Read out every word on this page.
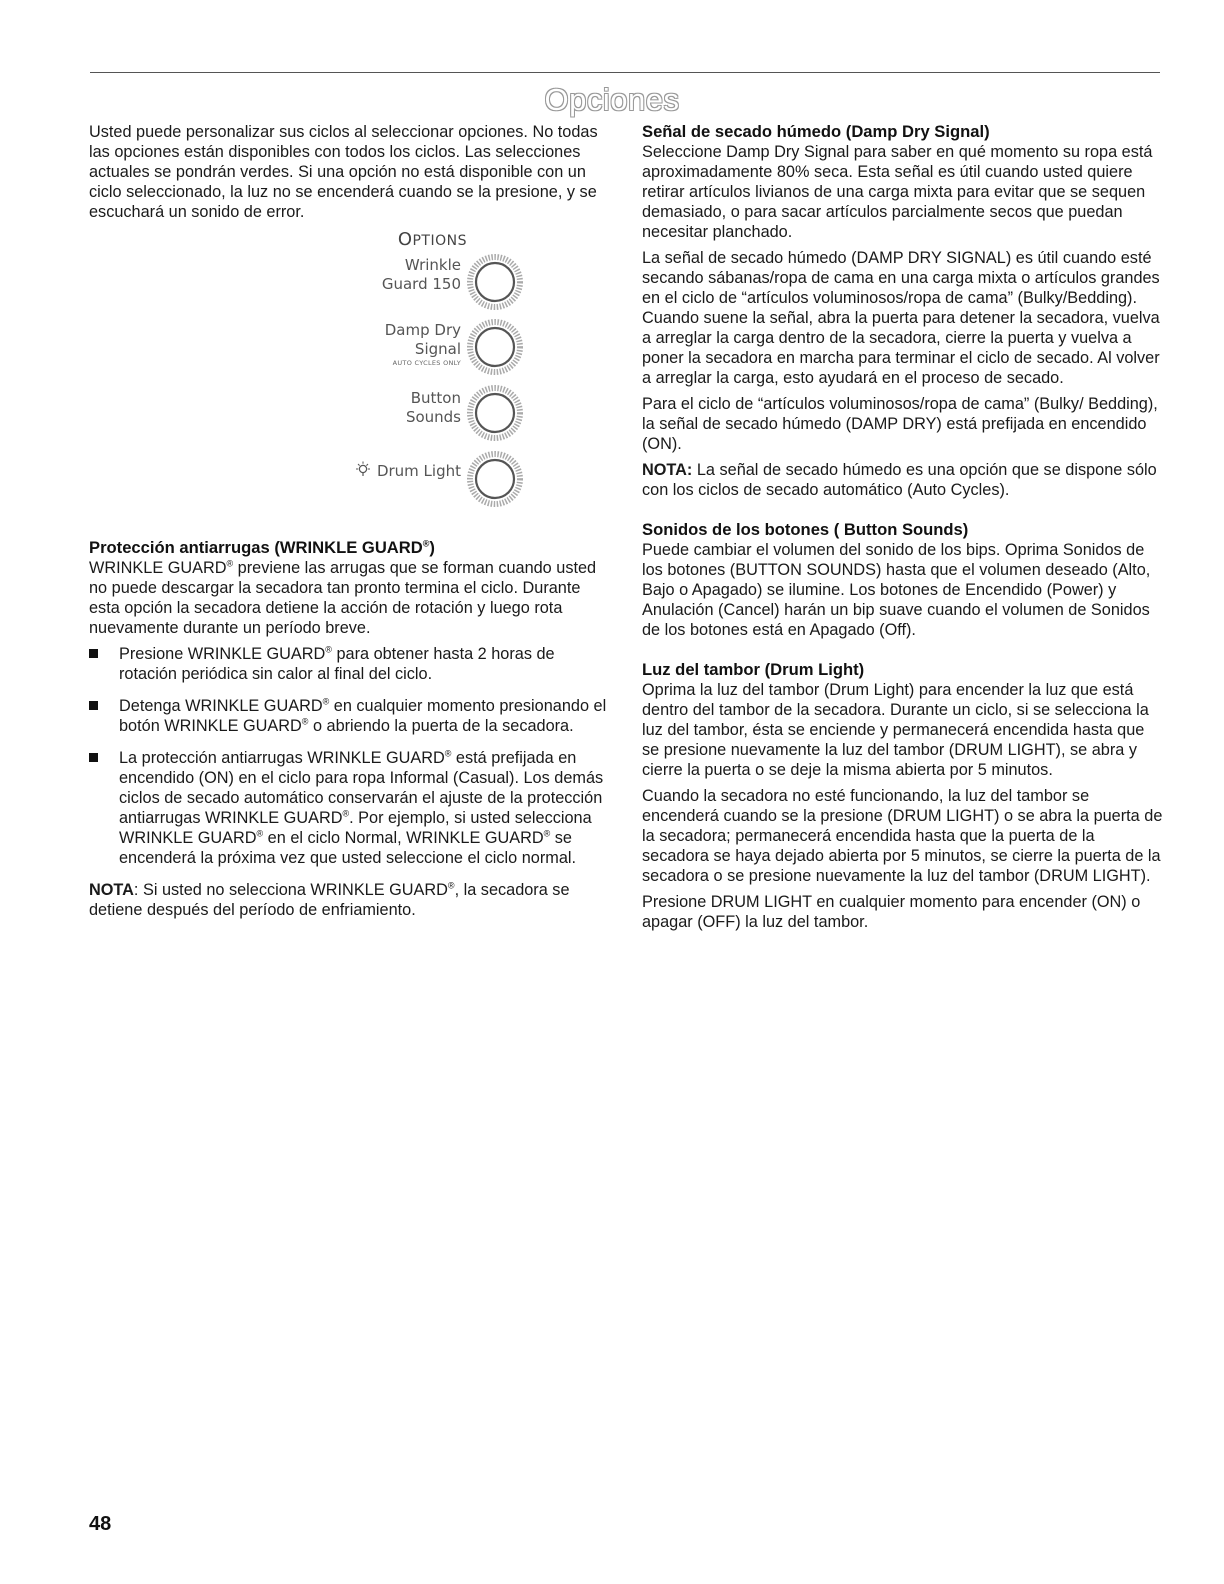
Opciones

Usted puede personalizar sus ciclos al seleccionar opciones. No todas las opciones están disponibles con todos los ciclos. Las selecciones actuales se pondrán verdes. Si una opción no está disponible con un ciclo seleccionado, la luz no se encenderá cuando se la presione, y se escuchará un sonido de error.

OPTIONS
Wrinkle
Guard 150
Damp Dry
Signal
AUTO CYCLES ONLY
Button
Sounds
Drum Light
Protección antiarrugas (WRINKLE GUARD®)

WRINKLE GUARD® previene las arrugas que se forman cuando usted no puede descargar la secadora tan pronto termina el ciclo. Durante esta opción la secadora detiene la acción de rotación y luego rota nuevamente durante un período breve.

Presione WRINKLE GUARD® para obtener hasta 2 horas de rotación periódica sin calor al final del ciclo.
Detenga WRINKLE GUARD® en cualquier momento presionando el botón WRINKLE GUARD® o abriendo la puerta de la secadora.
La protección antiarrugas WRINKLE GUARD® está prefijada en encendido (ON) en el ciclo para ropa Informal (Casual). Los demás ciclos de secado automático conservarán el ajuste de la protección antiarrugas WRINKLE GUARD®. Por ejemplo, si usted selecciona WRINKLE GUARD® en el ciclo Normal, WRINKLE GUARD® se encenderá la próxima vez que usted seleccione el ciclo normal.

NOTA: Si usted no selecciona WRINKLE GUARD®, la secadora se detiene después del período de enfriamiento.

Señal de secado húmedo (Damp Dry Signal)

Seleccione Damp Dry Signal para saber en qué momento su ropa está aproximadamente 80% seca. Esta señal es útil cuando usted quiere retirar artículos livianos de una carga mixta para evitar que se sequen demasiado, o para sacar artículos parcialmente secos que puedan necesitar planchado.

La señal de secado húmedo (DAMP DRY SIGNAL) es útil cuando esté secando sábanas/ropa de cama en una carga mixta o artículos grandes en el ciclo de “artículos voluminosos/ropa de cama” (Bulky/Bedding). Cuando suene la señal, abra la puerta para detener la secadora, vuelva a arreglar la carga dentro de la secadora, cierre la puerta y vuelva a poner la secadora en marcha para terminar el ciclo de secado. Al volver a arreglar la carga, esto ayudará en el proceso de secado.

Para el ciclo de “artículos voluminosos/ropa de cama” (Bulky/ Bedding), la señal de secado húmedo (DAMP DRY) está prefijada en encendido (ON).

NOTA: La señal de secado húmedo es una opción que se dispone sólo con los ciclos de secado automático (Auto Cycles).

Sonidos de los botones ( Button Sounds)

Puede cambiar el volumen del sonido de los bips. Oprima Sonidos de los botones (BUTTON SOUNDS) hasta que el volumen deseado (Alto, Bajo o Apagado) se ilumine. Los botones de Encendido (Power) y Anulación (Cancel) harán un bip suave cuando el volumen de Sonidos de los botones está en Apagado (Off).

Luz del tambor (Drum Light)

Oprima la luz del tambor (Drum Light) para encender la luz que está dentro del tambor de la secadora. Durante un ciclo, si se selecciona la luz del tambor, ésta se enciende y permanecerá encendida hasta que se presione nuevamente la luz del tambor (DRUM LIGHT), se abra y cierre la puerta o se deje la misma abierta por 5 minutos.

Cuando la secadora no esté funcionando, la luz del tambor se encenderá cuando se la presione (DRUM LIGHT) o se abra la puerta de la secadora; permanecerá encendida hasta que la puerta de la secadora se haya dejado abierta por 5 minutos, se cierre la puerta de la secadora o se presione nuevamente la luz del tambor (DRUM LIGHT).

Presione DRUM LIGHT en cualquier momento para encender (ON) o apagar (OFF) la luz del tambor.

48
